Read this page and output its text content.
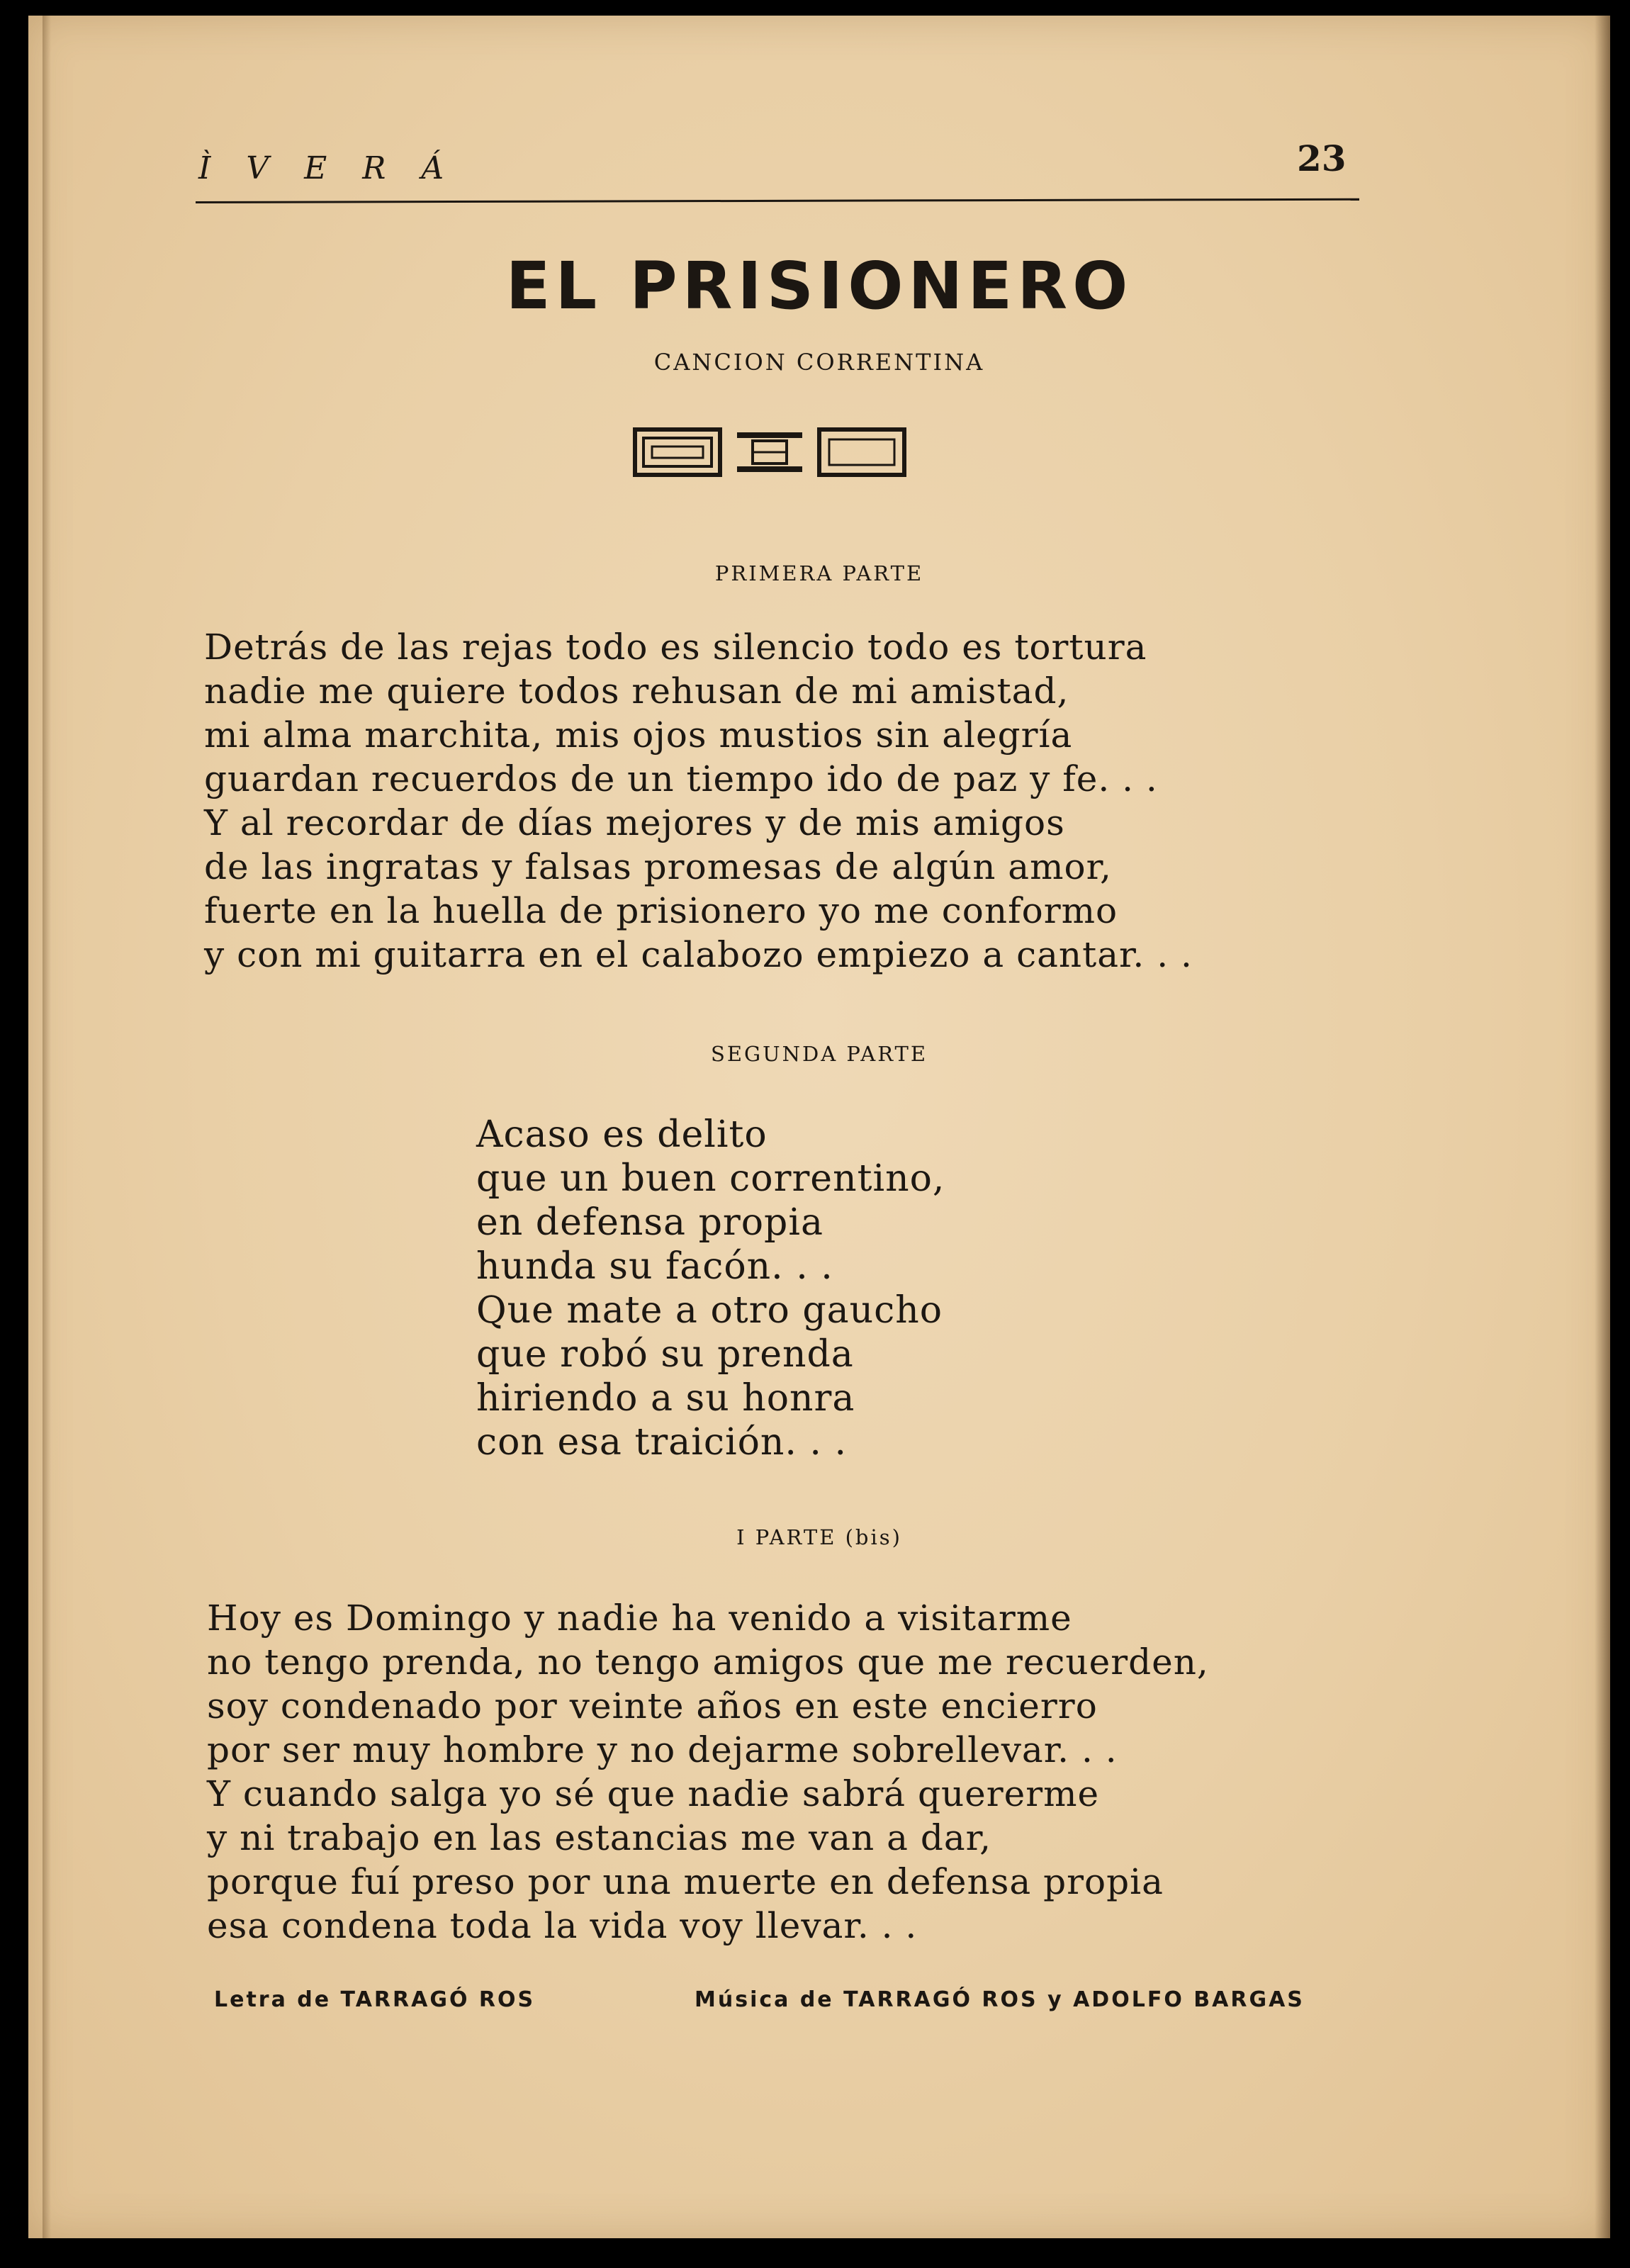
Ì V E R Á	23
EL PRISIONERO
CANCION CORRENTINA
PRIMERA PARTE
Detrás de las rejas todo es silencio todo es tortura
nadie me quiere todos rehusan de mi amistad,
mi alma marchita, mis ojos mustios sin alegría
guardan recuerdos de un tiempo ido de paz y fe. . .
Y al recordar de días mejores y de mis amigos
de las ingratas y falsas promesas de algún amor,
fuerte en la huella de prisionero yo me conformo
y con mi guitarra en el calabozo empiezo a cantar. . .
SEGUNDA PARTE
Acaso es delito
que un buen correntino,
en defensa propia
hunda su facón. . .
Que mate a otro gaucho
que robó su prenda
hiriendo a su honra
con esa traición. . .
I PARTE (bis)
Hoy es Domingo y nadie ha venido a visitarme
no tengo prenda, no tengo amigos que me recuerden,
soy condenado por veinte años en este encierro
por ser muy hombre y no dejarme sobrellevar. . .
Y cuando salga yo sé que nadie sabrá quererme
y ni trabajo en las estancias me van a dar,
porque fuí preso por una muerte en defensa propia
esa condena toda la vida voy llevar. . .
Letra de TARRAGÓ ROS	Música de TARRAGÓ ROS y ADOLFO BARGAS
